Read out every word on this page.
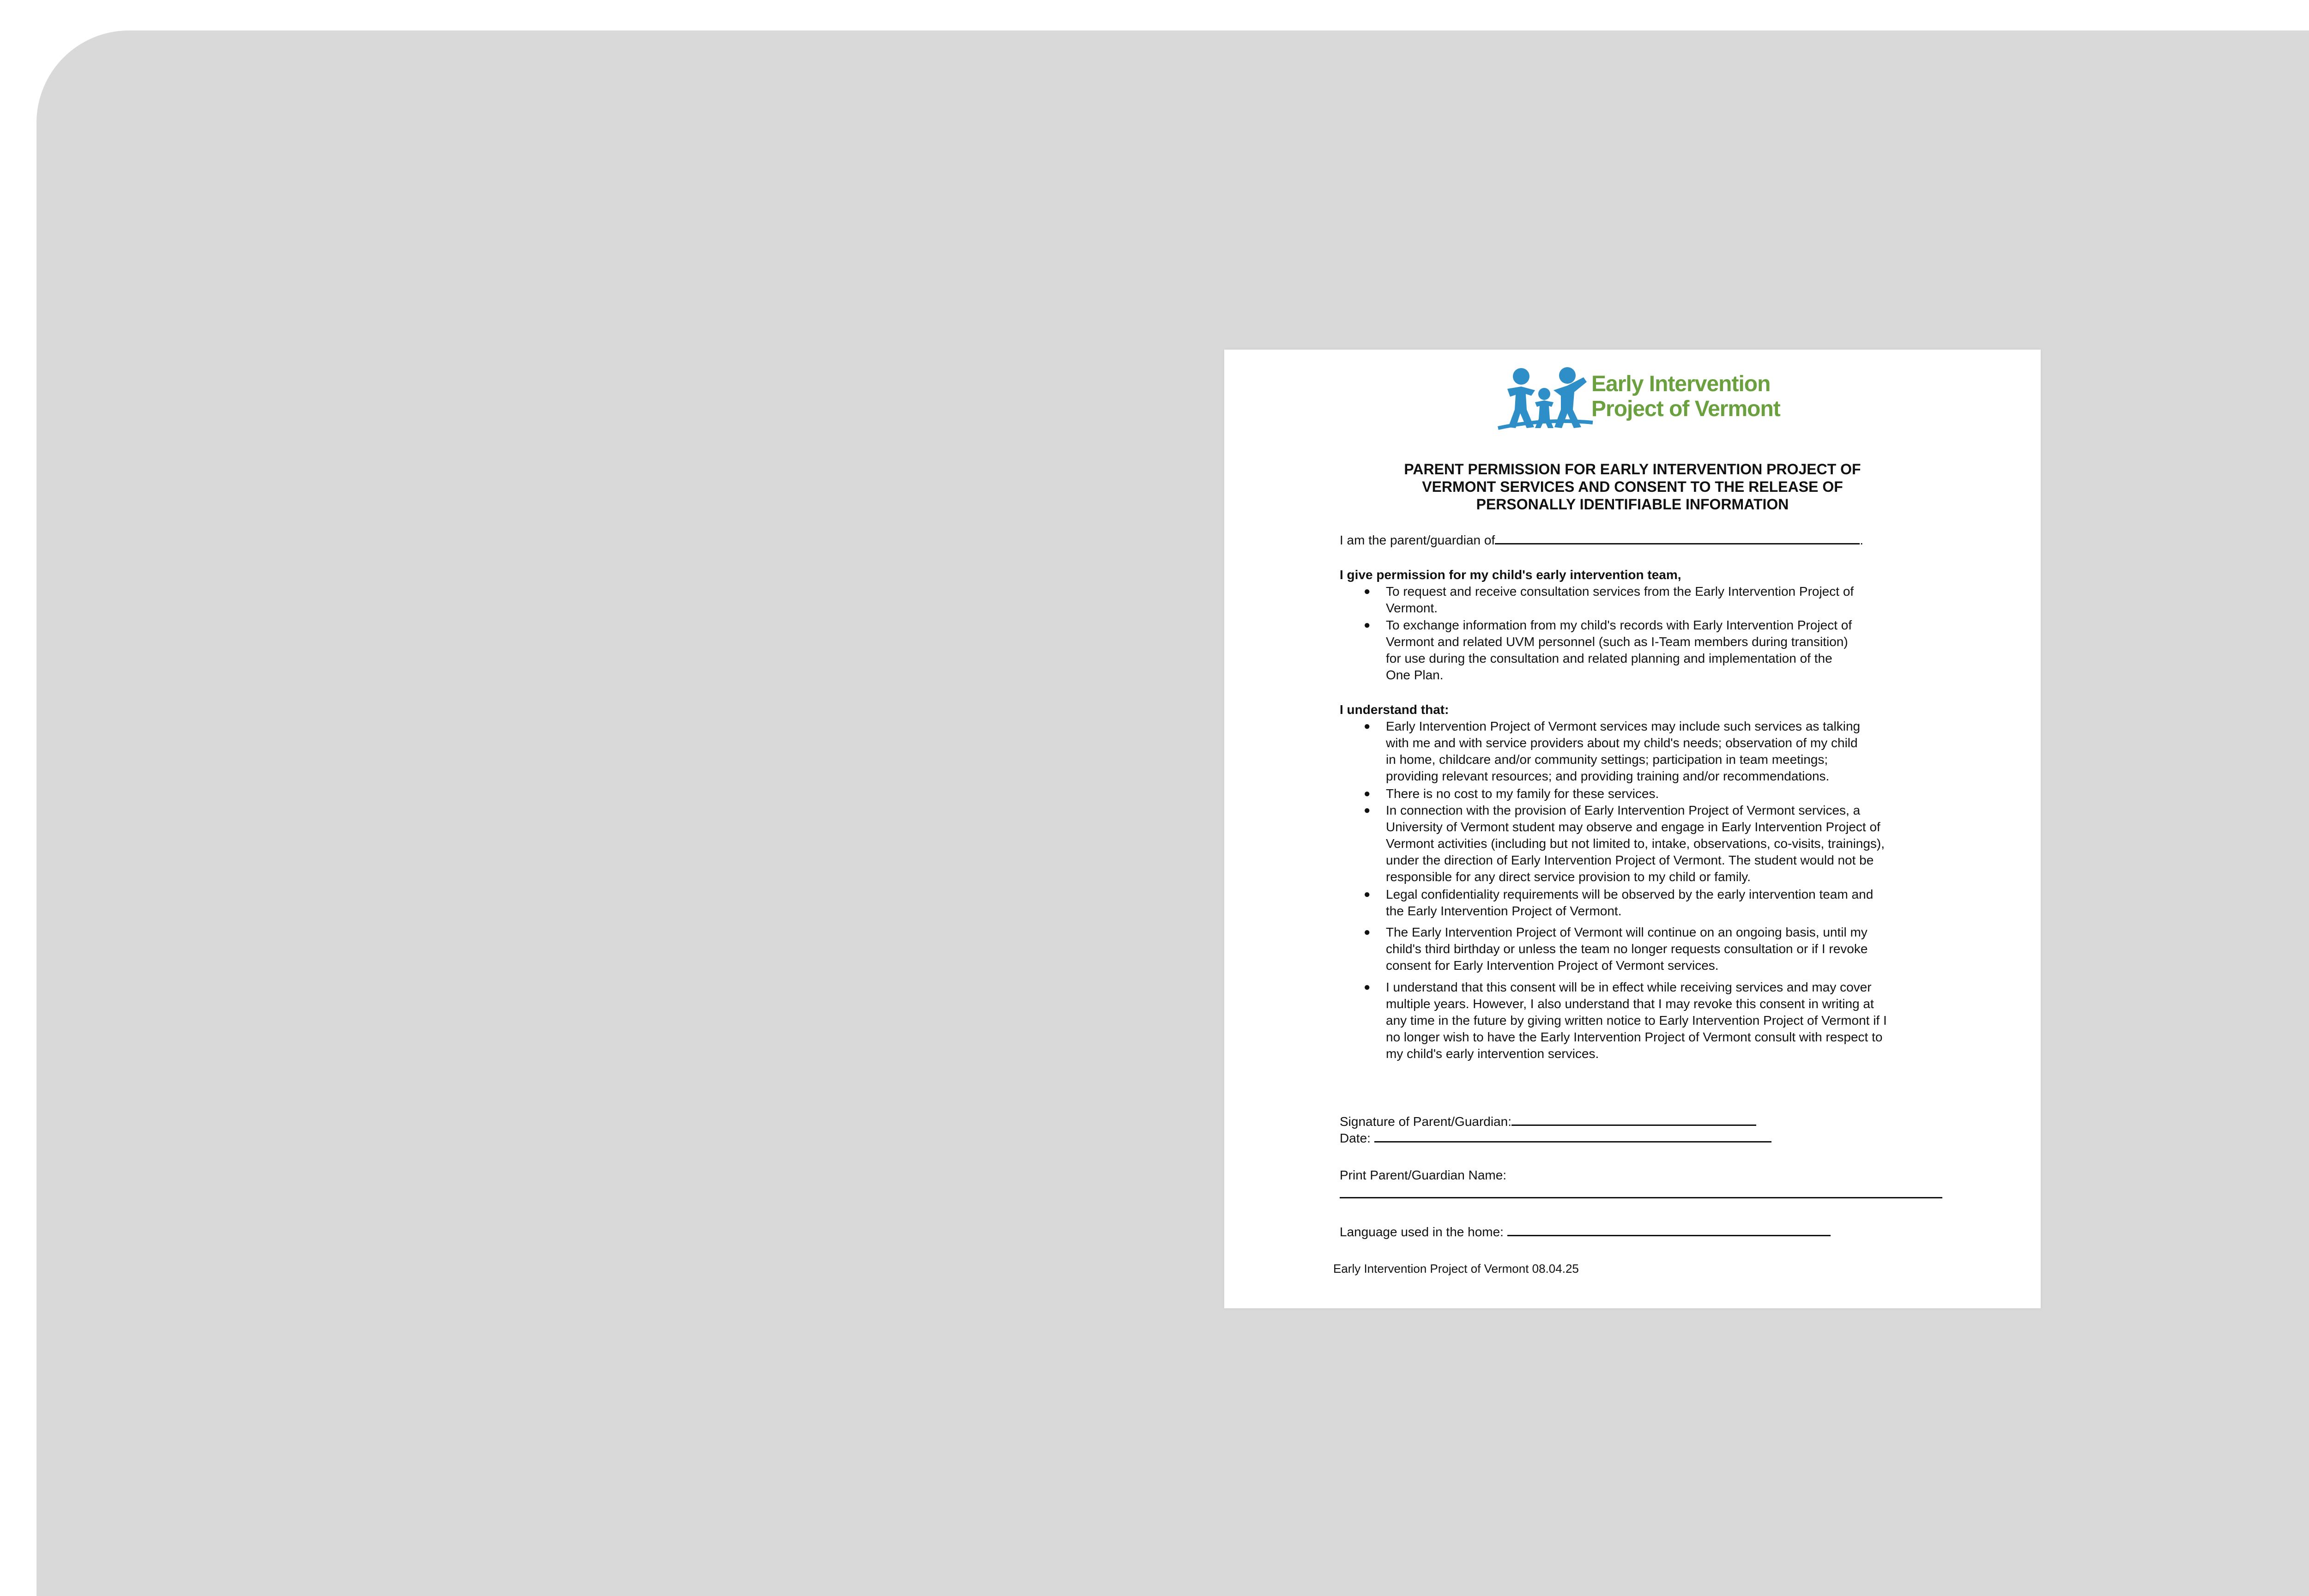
Early Intervention
Project of Vermont
PARENT PERMISSION FOR EARLY INTERVENTION PROJECT OF
VERMONT SERVICES AND CONSENT TO THE RELEASE OF
PERSONALLY IDENTIFIABLE INFORMATION
I am the parent/guardian of	.
I give permission for my child's early intervention team,
● To request and receive consultation services from the Early Intervention Project of
Vermont.
● To exchange information from my child's records with Early Intervention Project of
Vermont and related UVM personnel (such as I-Team members during transition)
for use during the consultation and related planning and implementation of the
One Plan.
I understand that:
● Early Intervention Project of Vermont services may include such services as talking
with me and with service providers about my child's needs; observation of my child
in home, childcare and/or community settings; participation in team meetings;
providing relevant resources; and providing training and/or recommendations.
● There is no cost to my family for these services.
● In connection with the provision of Early Intervention Project of Vermont services, a
University of Vermont student may observe and engage in Early Intervention Project of
Vermont activities (including but not limited to, intake, observations, co-visits, trainings),
under the direction of Early Intervention Project of Vermont. The student would not be
responsible for any direct service provision to my child or family.
● Legal confidentiality requirements will be observed by the early intervention team and
the Early Intervention Project of Vermont.
● The Early Intervention Project of Vermont will continue on an ongoing basis, until my
child's third birthday or unless the team no longer requests consultation or if I revoke
consent for Early Intervention Project of Vermont services.
● I understand that this consent will be in effect while receiving services and may cover
multiple years. However, I also understand that I may revoke this consent in writing at
any time in the future by giving written notice to Early Intervention Project of Vermont if I
no longer wish to have the Early Intervention Project of Vermont consult with respect to
my child's early intervention services.
Signature of Parent/Guardian:
Date:
Print Parent/Guardian Name:
Language used in the home:
Early Intervention Project of Vermont 08.04.25
